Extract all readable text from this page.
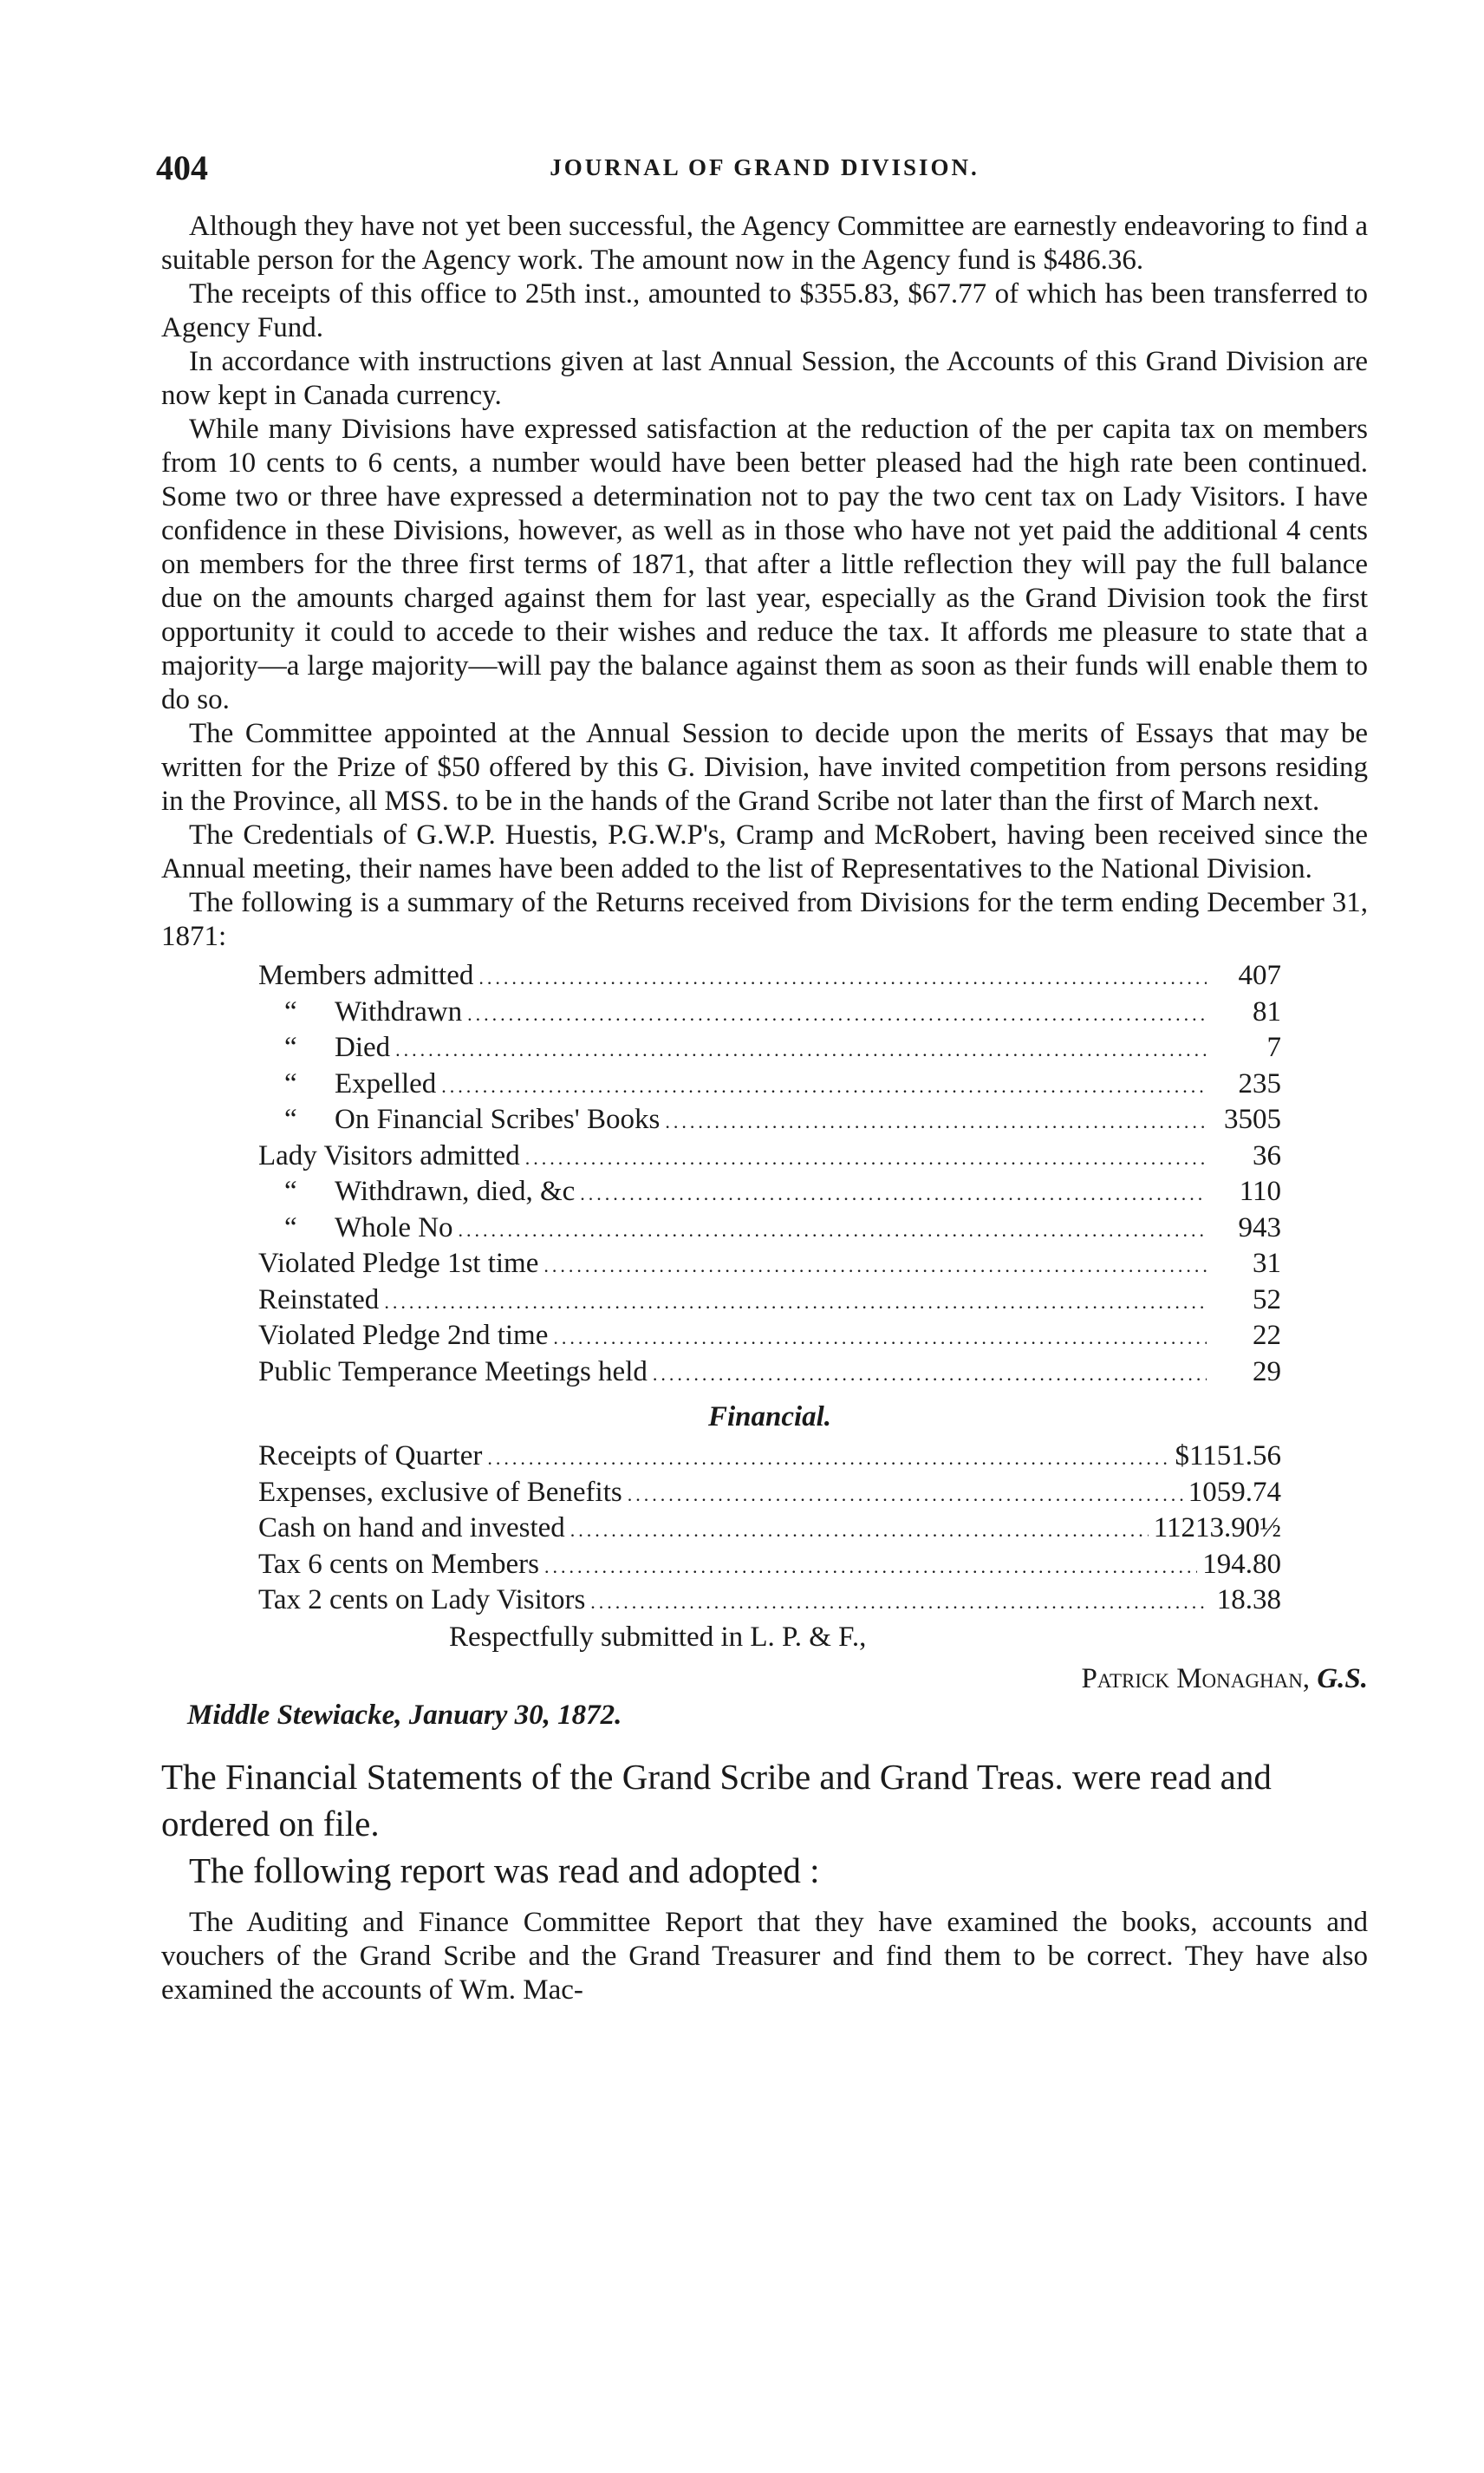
404	JOURNAL OF GRAND DIVISION.

Although they have not yet been successful, the Agency Committee are earnestly endeavoring to find a suitable person for the Agency work. The amount now in the Agency fund is $486.36.

The receipts of this office to 25th inst., amounted to $355.83, $67.77 of which has been transferred to Agency Fund.

In accordance with instructions given at last Annual Session, the Accounts of this Grand Division are now kept in Canada currency.

While many Divisions have expressed satisfaction at the reduction of the per capita tax on members from 10 cents to 6 cents, a number would have been better pleased had the high rate been continued. Some two or three have expressed a determination not to pay the two cent tax on Lady Visitors. I have confidence in these Divisions, however, as well as in those who have not yet paid the additional 4 cents on members for the three first terms of 1871, that after a little reflection they will pay the full balance due on the amounts charged against them for last year, especially as the Grand Division took the first opportunity it could to accede to their wishes and reduce the tax. It affords me pleasure to state that a majority—a large majority—will pay the balance against them as soon as their funds will enable them to do so.

The Committee appointed at the Annual Session to decide upon the merits of Essays that may be written for the Prize of $50 offered by this G. Division, have invited competition from persons residing in the Province, all MSS. to be in the hands of the Grand Scribe not later than the first of March next.

The Credentials of G.W.P. Huestis, P.G.W.P's, Cramp and McRobert, having been received since the Annual meeting, their names have been added to the list of Representatives to the National Division.

The following is a summary of the Returns received from Divisions for the term ending December 31, 1871:

Members admitted .....	407
“ Withdrawn .....	81
“ Died .....	7
“ Expelled .....	235
“ On Financial Scribes' Books .....	3505
Lady Visitors admitted .....	36
“ Withdrawn, died, &c .....	110
“ Whole No .....	943
Violated Pledge 1st time .....	31
Reinstated .....	52
Violated Pledge 2nd time .....	22
Public Temperance Meetings held .....	29
Financial.
Receipts of Quarter .....	$1151.56
Expenses, exclusive of Benefits .....	1059.74
Cash on hand and invested .....	11213.90½
Tax 6 cents on Members .....	194.80
Tax 2 cents on Lady Visitors .....	18.38
Respectfully submitted in L. P. & F.,
Patrick Monaghan, G.S.
Middle Stewiacke, January 30, 1872.

The Financial Statements of the Grand Scribe and Grand Treas. were read and ordered on file.

The following report was read and adopted :

The Auditing and Finance Committee Report that they have examined the books, accounts and vouchers of the Grand Scribe and the Grand Treasurer and find them to be correct. They have also examined the accounts of Wm. Mac-
